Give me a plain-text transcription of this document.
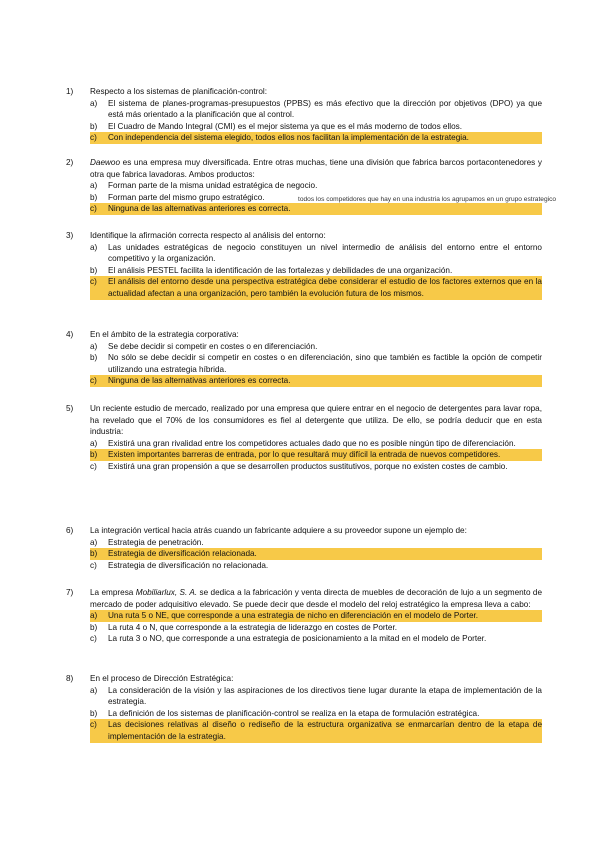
1)	Respecto a los sistemas de planificación-control:
a)	El sistema de planes-programas-presupuestos (PPBS) es más efectivo que la dirección por objetivos (DPO) ya que está más orientado a la planificación que al control.
b)	El Cuadro de Mando Integral (CMI) es el mejor sistema ya que es el más moderno de todos ellos.
c)	Con independencia del sistema elegido, todos ellos nos facilitan la implementación de la estrategia.
2)	Daewoo es una empresa muy diversificada. Entre otras muchas, tiene una división que fabrica barcos portacontenedores y otra que fabrica lavadoras. Ambos productos:
a)	Forman parte de la misma unidad estratégica de negocio.
b)	Forman parte del mismo grupo estratégico.
c)	Ninguna de las alternativas anteriores es correcta.
todos los competidores que hay en una industria los agrupamos en un grupo estrategico
3)	Identifique la afirmación correcta respecto al análisis del entorno:
a)	Las unidades estratégicas de negocio constituyen un nivel intermedio de análisis del entorno entre el entorno competitivo y la organización.
b)	El análisis PESTEL facilita la identificación de las fortalezas y debilidades de una organización.
c)	El análisis del entorno desde una perspectiva estratégica debe considerar el estudio de los factores externos que en la actualidad afectan a una organización, pero también la evolución futura de los mismos.
4)	En el ámbito de la estrategia corporativa:
a)	Se debe decidir si competir en costes o en diferenciación.
b)	No sólo se debe decidir si competir en costes o en diferenciación, sino que también es factible la opción de competir utilizando una estrategia híbrida.
c)	Ninguna de las alternativas anteriores es correcta.
5)	Un reciente estudio de mercado, realizado por una empresa que quiere entrar en el negocio de detergentes para lavar ropa, ha revelado que el 70% de los consumidores es fiel al detergente que utiliza. De ello, se podría deducir que en esta industria:
a)	Existirá una gran rivalidad entre los competidores actuales dado que no es posible ningún tipo de diferenciación.
b)	Existen importantes barreras de entrada, por lo que resultará muy difícil la entrada de nuevos competidores.
c)	Existirá una gran propensión a que se desarrollen productos sustitutivos, porque no existen costes de cambio.
6)	La integración vertical hacia atrás cuando un fabricante adquiere a su proveedor supone un ejemplo de:
a)	Estrategia de penetración.
b)	Estrategia de diversificación relacionada.
c)	Estrategia de diversificación no relacionada.
7)	La empresa Mobiliarlux, S. A. se dedica a la fabricación y venta directa de muebles de decoración de lujo a un segmento de mercado de poder adquisitivo elevado. Se puede decir que desde el modelo del reloj estratégico la empresa lleva a cabo:
a)	Una ruta 5 o NE, que corresponde a una estrategia de nicho en diferenciación en el modelo de Porter.
b)	La ruta 4 o N, que corresponde a la estrategia de liderazgo en costes de Porter.
c)	La ruta 3 o NO, que corresponde a una estrategia de posicionamiento a la mitad en el modelo de Porter.
8)	En el proceso de Dirección Estratégica:
a)	La consideración de la visión y las aspiraciones de los directivos tiene lugar durante la etapa de implementación de la estrategia.
b)	La definición de los sistemas de planificación-control se realiza en la etapa de formulación estratégica.
c)	Las decisiones relativas al diseño o rediseño de la estructura organizativa se enmarcarían dentro de la etapa de implementación de la estrategia.
